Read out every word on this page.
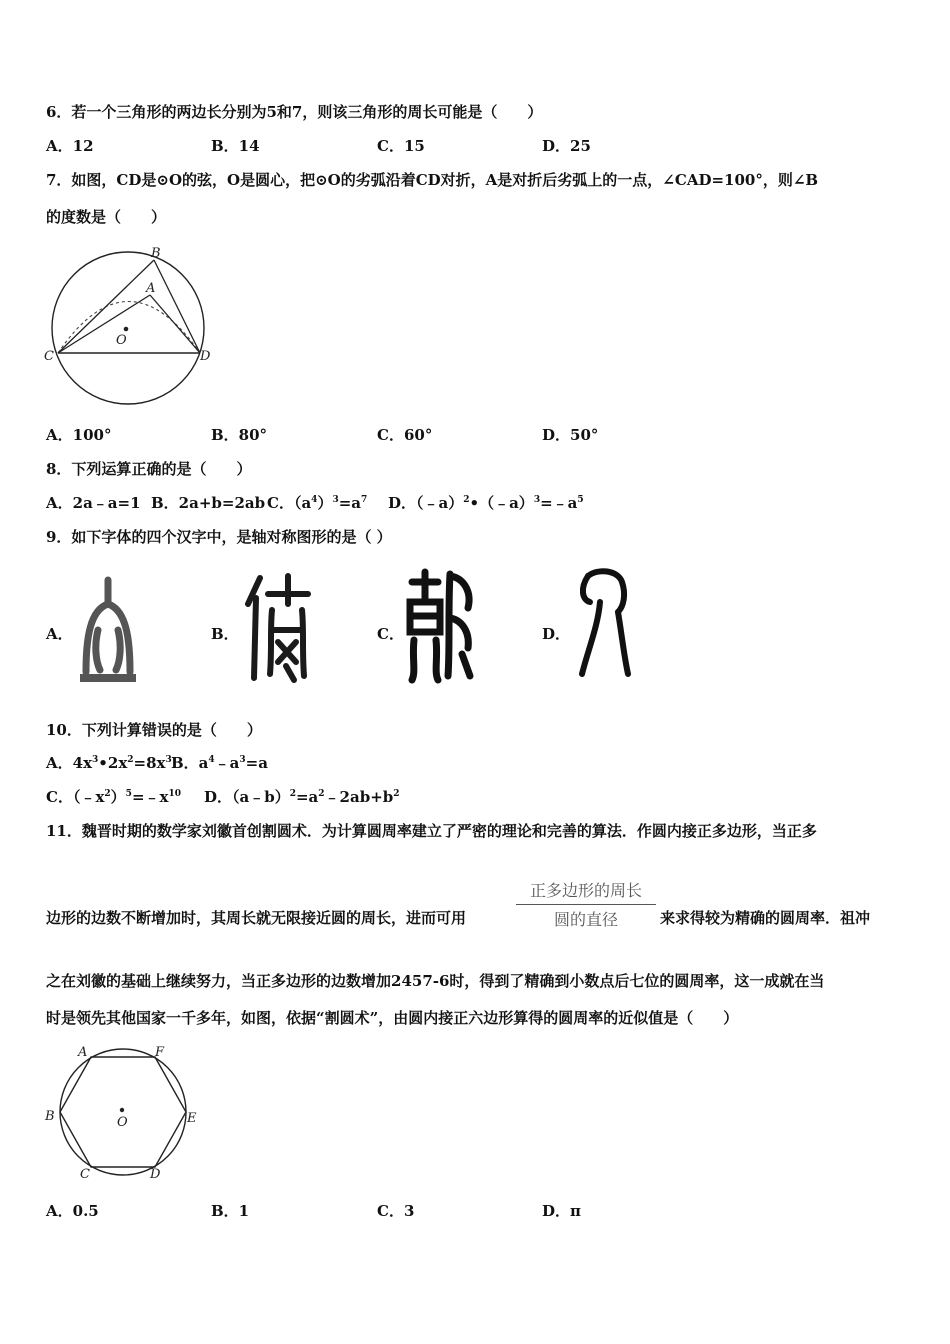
6．若一个三角形的两边长分别为5和7，则该三角形的周长可能是（　　）
A．12	B．14	C．15	D．25
7．如图，CD是⊙O的弦，O是圆心，把⊙O的劣弧沿着CD对折，A是对折后劣弧上的一点，∠CAD=100°，则∠B
的度数是（　　）
B
A
O
C	D
A．100°	B．80°	C．60°	D．50°
8．下列运算正确的是（　　）
A．2a﹣a=1 B．2a+b=2ab C．$(a^4)^3=a^7$ D．$(﹣a)^2•(﹣a)^3=﹣a^5$
9．如下字体的四个汉字中，是轴对称图形的是（ ）
A．	B．	C．	D．
10．下列计算错误的是（　　）
A．$4x^3•2x^2=8x^3$ B．$a^4﹣a^3=a$
C．$(﹣x^2)^5=﹣x^{10}$ D．$(a﹣b)^2=a^2﹣2ab+b^2$
11．魏晋时期的数学家刘徽首创割圆术．为计算圆周率建立了严密的理论和完善的算法．作圆内接正多边形，当正多
边形的边数不断增加时，其周长就无限接近圆的周长，进而可用
正多边形的周长
圆的直径	来求得较为精确的圆周率．祖冲
之在刘徽的基础上继续努力，当正多边形的边数增加2457-6时，得到了精确到小数点后七位的圆周率，这一成就在当
时是领先其他国家一千多年，如图，依据“割圆术”，由圆内接正六边形算得的圆周率的近似值是（　　）
A	F
B	E
O
C	D
A．0.5	B．1	C．3	D．π
